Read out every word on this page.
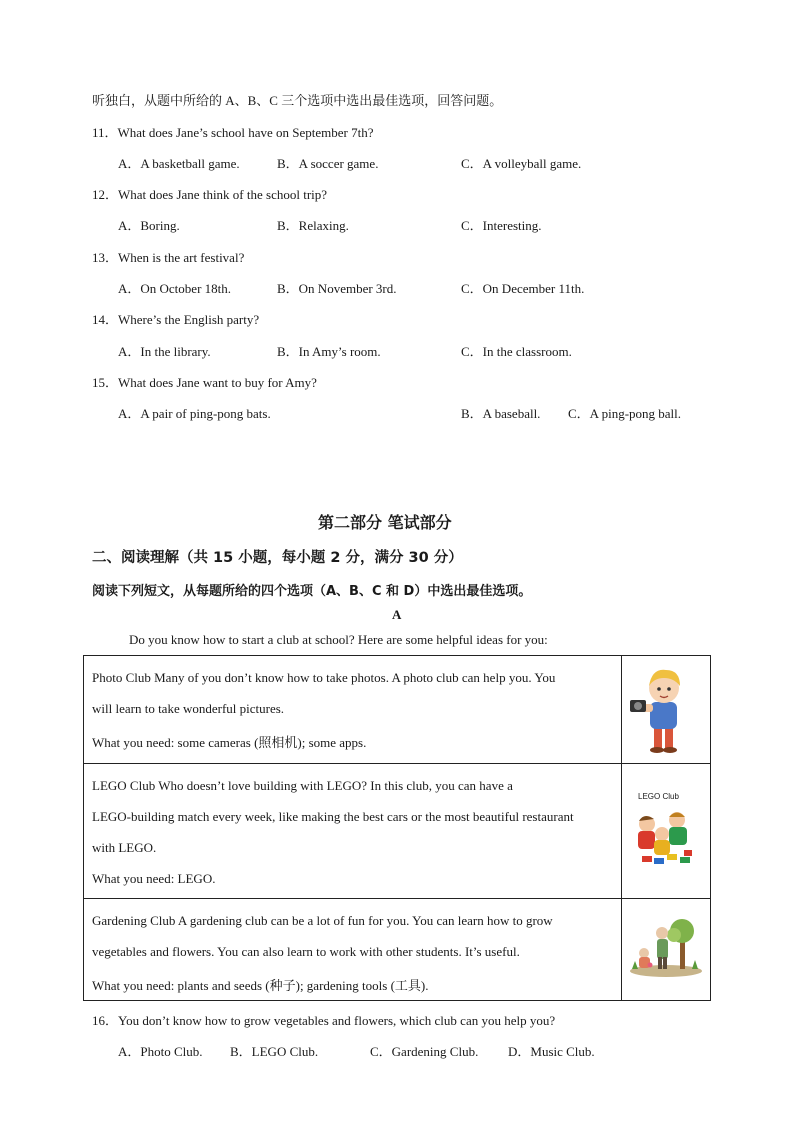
听独白，从题中所给的 A、B、C 三个选项中选出最佳选项，回答问题。
11．What does Jane’s school have on September 7th?
A．A basketball game.	B．A soccer game.	C．A volleyball game.
12．What does Jane think of the school trip?
A．Boring.	B．Relaxing.	C．Interesting.
13．When is the art festival?
A．On October 18th.	B．On November 3rd.	C．On December 11th.
14．Where’s the English party?
A．In the library.	B．In Amy’s room.	C．In the classroom.
15．What does Jane want to buy for Amy?
A．A pair of ping-pong bats.	B．A baseball. C．A ping-pong ball.
第二部分 笔试部分
二、阅读理解（共 15 小题，每小题 2 分，满分 30 分）
阅读下列短文，从每题所给的四个选项（A、B、C 和 D）中选出最佳选项。
A
Do you know how to start a club at school? Here are some helpful ideas for you:
Photo Club Many of you don’t know how to take photos. A photo club can help you. You
will learn to take wonderful pictures.
What you need: some cameras (照相机); some apps.
LEGO Club Who doesn’t love building with LEGO? In this club, you can have a
LEGO-building match every week, like making the best cars or the most beautiful restaurant
with LEGO.
What you need: LEGO.
LEGO Club
Gardening Club A gardening club can be a lot of fun for you. You can learn how to grow
vegetables and flowers. You can also learn to work with other students. It’s useful.
What you need: plants and seeds (种子); gardening tools (工具).
16．You don’t know how to grow vegetables and flowers, which club can you help you?
A．Photo Club. B．LEGO Club.	C．Gardening Club. D．Music Club.
